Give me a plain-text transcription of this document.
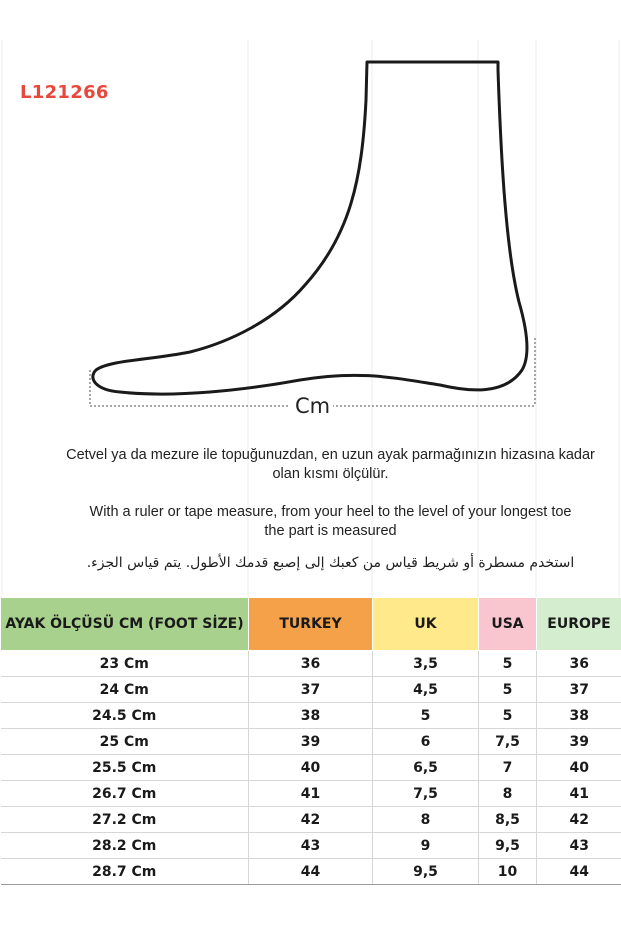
L121266
Cm
Cetvel ya da mezure ile topuğunuzdan, en uzun ayak parmağınızın hizasına kadar
olan kısmı ölçülür.
With a ruler or tape measure, from your heel to the level of your longest toe
the part is measured
استخدم مسطرة أو شريط قياس من كعبك إلى إصبع قدمك الأطول. يتم قياس الجزء.
AYAK ÖLÇÜSÜ CM (FOOT SİZE)	TURKEY	UK	USA	EUROPE
23 Cm	36	3,5	5	36
24 Cm	37	4,5	5	37
24.5 Cm	38	5	5	38
25 Cm	39	6	7,5	39
25.5 Cm	40	6,5	7	40
26.7 Cm	41	7,5	8	41
27.2 Cm	42	8	8,5	42
28.2 Cm	43	9	9,5	43
28.7 Cm	44	9,5	10	44
